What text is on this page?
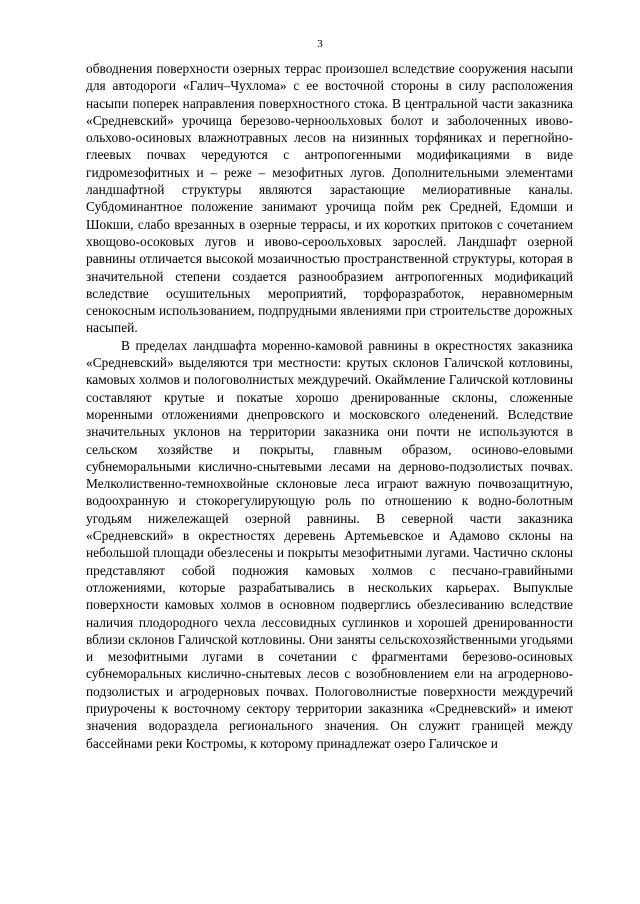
3

обводнения поверхности озерных террас произошел вследствие сооружения насыпи для автодороги «Галич–Чухлома» с ее восточной стороны в силу расположения насыпи поперек направления поверхностного стока. В центральной части заказника «Средневский» урочища березово-черноольховых болот и заболоченных ивово-ольхово-осиновых влажнотравных лесов на низинных торфяниках и перегнойно-глеевых почвах чередуются с антропогенными модификациями в виде гидромезофитных и – реже – мезофитных лугов. Дополнительными элементами ландшафтной структуры являются зарастающие мелиоративные каналы. Субдоминантное положение занимают урочища пойм рек Средней, Едомши и Шокши, слабо врезанных в озерные террасы, и их коротких притоков с сочетанием хвощово-осоковых лугов и ивово-сероольховых зарослей. Ландшафт озерной равнины отличается высокой мозаичностью пространственной структуры, которая в значительной степени создается разнообразием антропогенных модификаций вследствие осушительных мероприятий, торфоразработок, неравномерным сенокосным использованием, подпрудными явлениями при строительстве дорожных насыпей.

В пределах ландшафта моренно-камовой равнины в окрестностях заказника «Средневский» выделяются три местности: крутых склонов Галичской котловины, камовых холмов и пологоволнистых междуречий. Окаймление Галичской котловины составляют крутые и покатые хорошо дренированные склоны, сложенные моренными отложениями днепровского и московского оледенений. Вследствие значительных уклонов на территории заказника они почти не используются в сельском хозяйстве и покрыты, главным образом, осиново-еловыми субнеморальными кислично-снытевыми лесами на дерново-подзолистых почвах. Мелколиственно-темнохвойные склоновые леса играют важную почвозащитную, водоохранную и стокорегулирующую роль по отношению к водно-болотным угодьям нижележащей озерной равнины. В северной части заказника «Средневский» в окрестностях деревень Артемьевское и Адамово склоны на небольшой площади обезлесены и покрыты мезофитными лугами. Частично склоны представляют собой подножия камовых холмов с песчано-гравийными отложениями, которые разрабатывались в нескольких карьерах. Выпуклые поверхности камовых холмов в основном подверглись обезлесиванию вследствие наличия плодородного чехла лессовидных суглинков и хорошей дренированности вблизи склонов Галичской котловины. Они заняты сельскохозяйственными угодьями и мезофитными лугами в сочетании с фрагментами березово-осиновых субнеморальных кислично-снытевых лесов с возобновлением ели на агродерново-подзолистых и агродерновых почвах. Пологоволнистые поверхности междуречий приурочены к восточному сектору территории заказника «Средневский» и имеют значения водораздела регионального значения. Он служит границей между бассейнами реки Костромы, к которому принадлежат озеро Галичское и
